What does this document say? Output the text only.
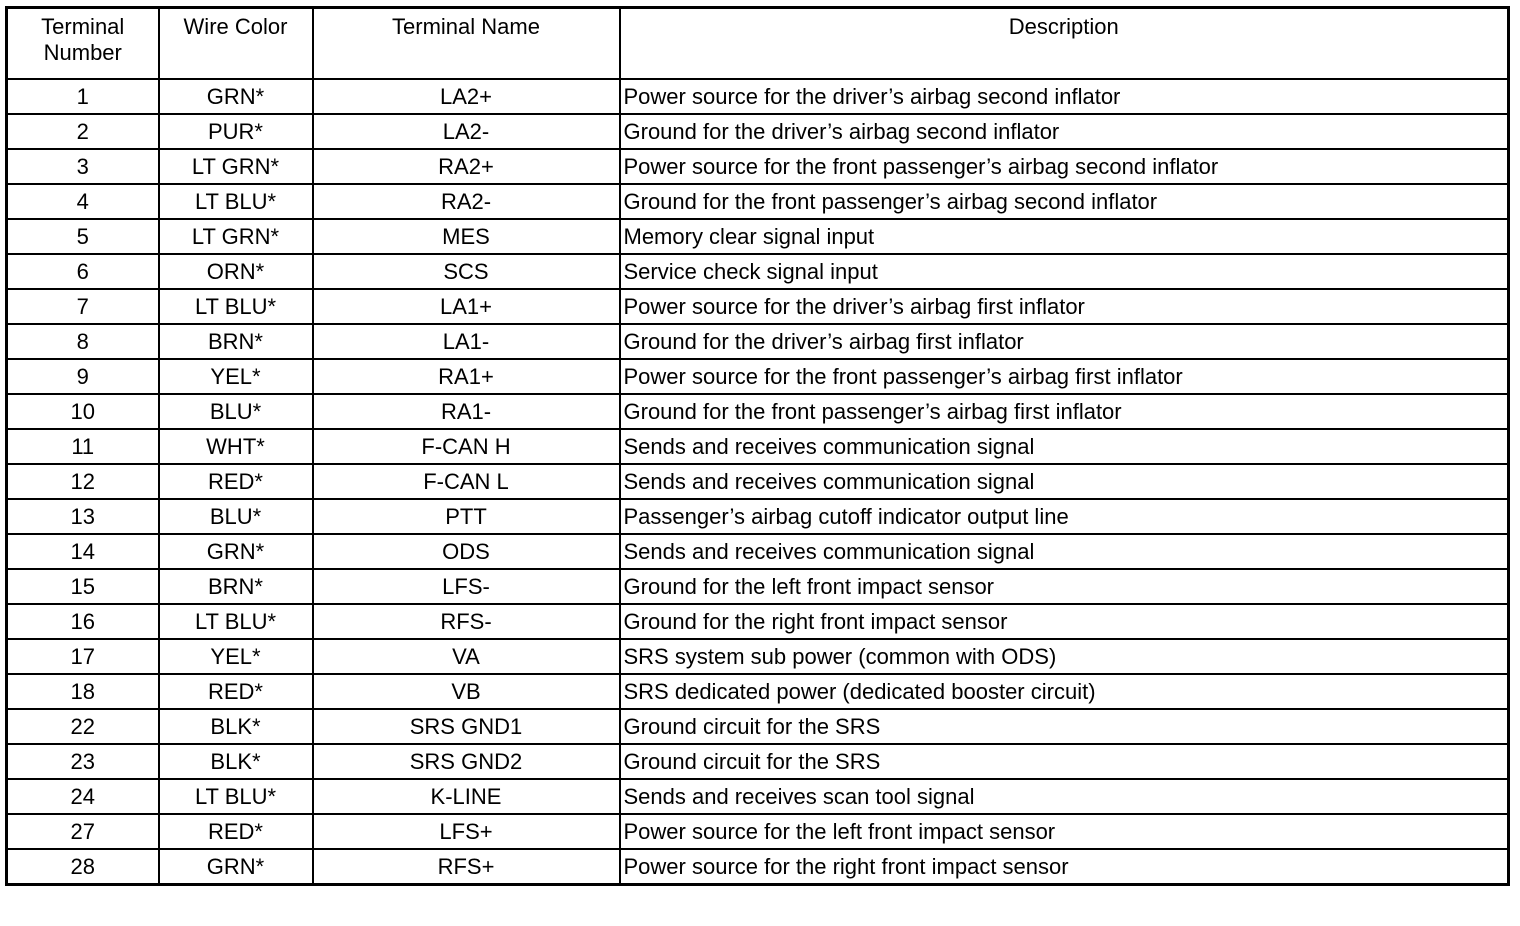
Terminal
Number	Wire Color	Terminal Name	Description
1	GRN*	LA2+	Power source for the driver’s airbag second inflator
2	PUR*	LA2-	Ground for the driver’s airbag second inflator
3	LT GRN*	RA2+	Power source for the front passenger’s airbag second inflator
4	LT BLU*	RA2-	Ground for the front passenger’s airbag second inflator
5	LT GRN*	MES	Memory clear signal input
6	ORN*	SCS	Service check signal input
7	LT BLU*	LA1+	Power source for the driver’s airbag first inflator
8	BRN*	LA1-	Ground for the driver’s airbag first inflator
9	YEL*	RA1+	Power source for the front passenger’s airbag first inflator
10	BLU*	RA1-	Ground for the front passenger’s airbag first inflator
11	WHT*	F-CAN H	Sends and receives communication signal
12	RED*	F-CAN L	Sends and receives communication signal
13	BLU*	PTT	Passenger’s airbag cutoff indicator output line
14	GRN*	ODS	Sends and receives communication signal
15	BRN*	LFS-	Ground for the left front impact sensor
16	LT BLU*	RFS-	Ground for the right front impact sensor
17	YEL*	VA	SRS system sub power (common with ODS)
18	RED*	VB	SRS dedicated power (dedicated booster circuit)
22	BLK*	SRS GND1	Ground circuit for the SRS
23	BLK*	SRS GND2	Ground circuit for the SRS
24	LT BLU*	K-LINE	Sends and receives scan tool signal
27	RED*	LFS+	Power source for the left front impact sensor
28	GRN*	RFS+	Power source for the right front impact sensor
